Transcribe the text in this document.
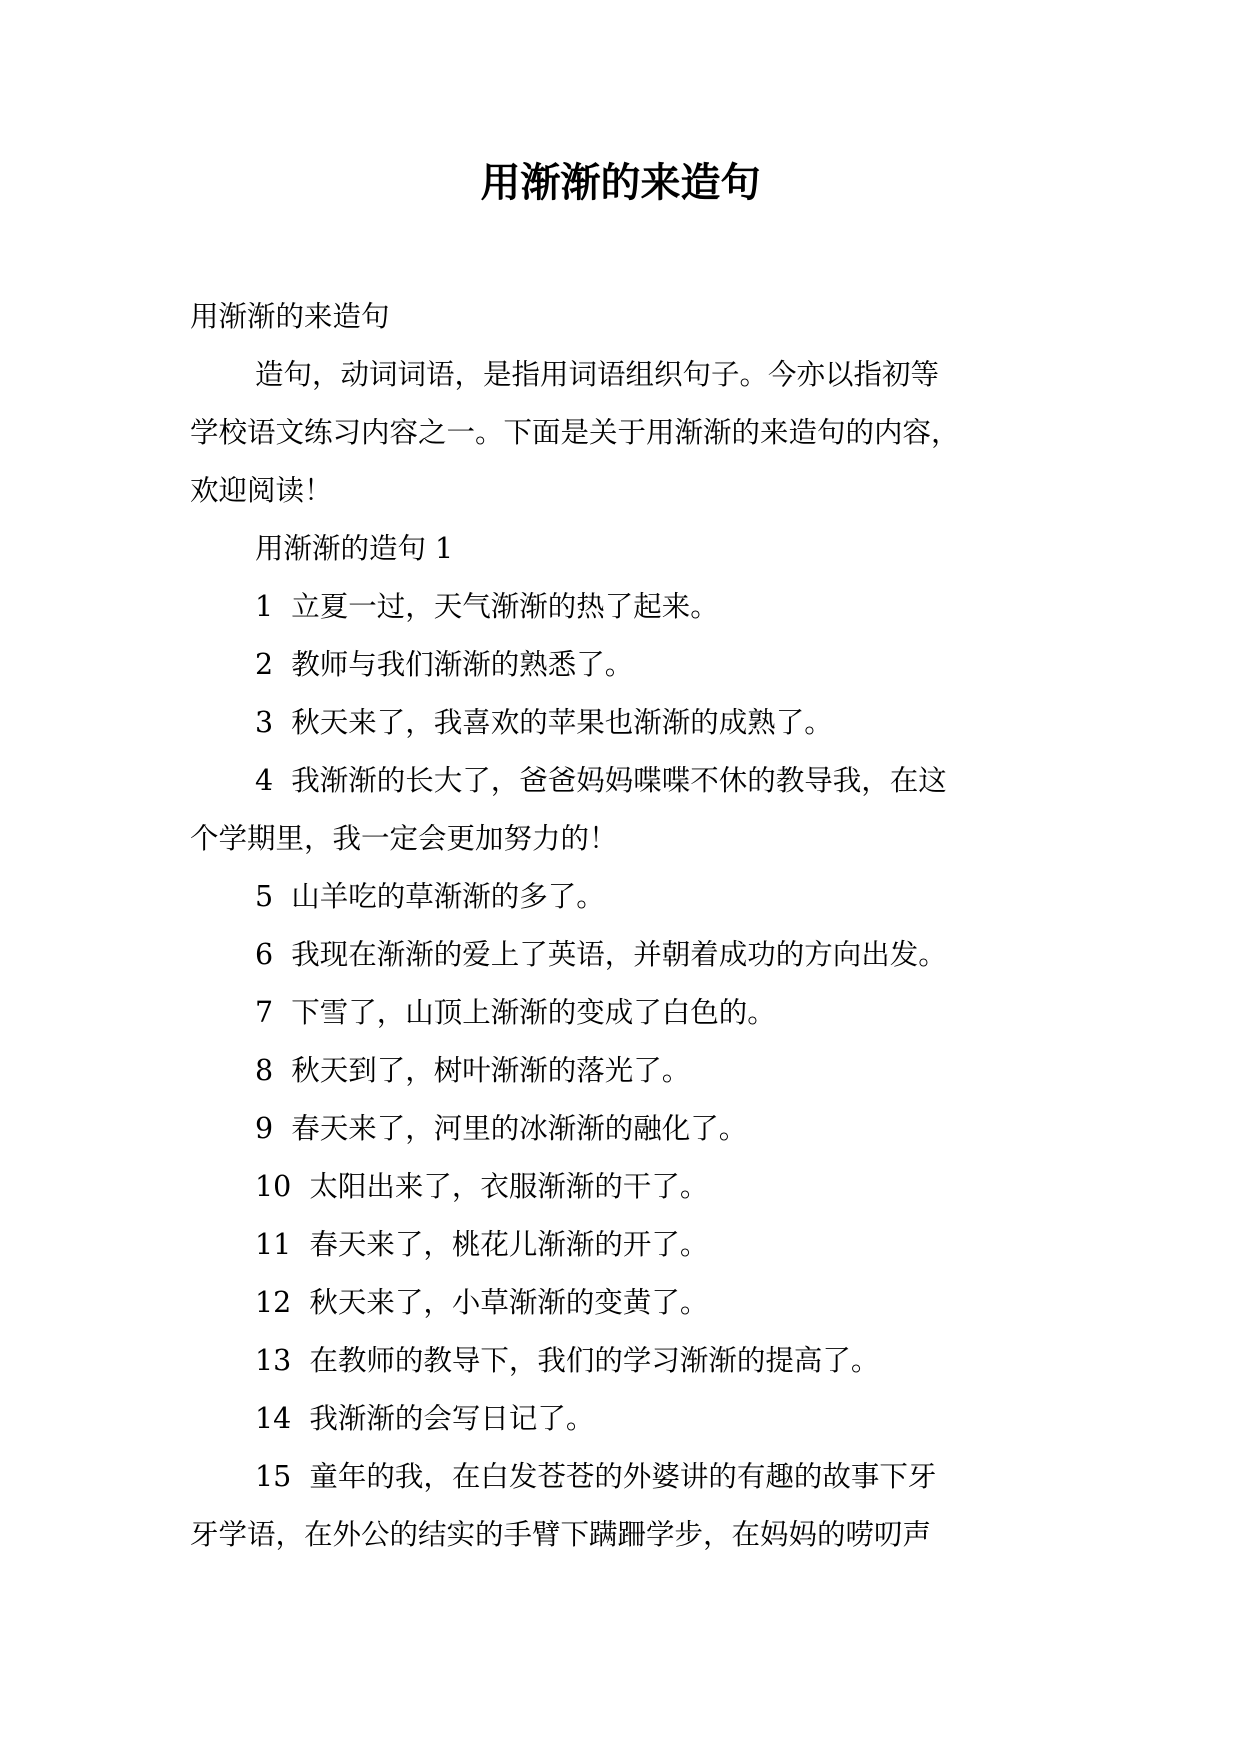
用渐渐的来造句

用渐渐的来造句

造句，动词词语，是指用词语组织句子。今亦以指初等

学校语文练习内容之一。下面是关于用渐渐的来造句的内容，

欢迎阅读！

用渐渐的造句 1

1  立夏一过，天气渐渐的热了起来。

2  教师与我们渐渐的熟悉了。

3  秋天来了，我喜欢的苹果也渐渐的成熟了。

4  我渐渐的长大了，爸爸妈妈喋喋不休的教导我，在这

个学期里，我一定会更加努力的！

5  山羊吃的草渐渐的多了。

6  我现在渐渐的爱上了英语，并朝着成功的方向出发。

7  下雪了，山顶上渐渐的变成了白色的。

8  秋天到了，树叶渐渐的落光了。

9  春天来了，河里的冰渐渐的融化了。

10  太阳出来了，衣服渐渐的干了。

11  春天来了，桃花儿渐渐的开了。

12  秋天来了，小草渐渐的变黄了。

13  在教师的教导下，我们的学习渐渐的提高了。

14  我渐渐的会写日记了。

15  童年的我，在白发苍苍的外婆讲的有趣的故事下牙

牙学语，在外公的结实的手臂下蹒跚学步，在妈妈的唠叨声
